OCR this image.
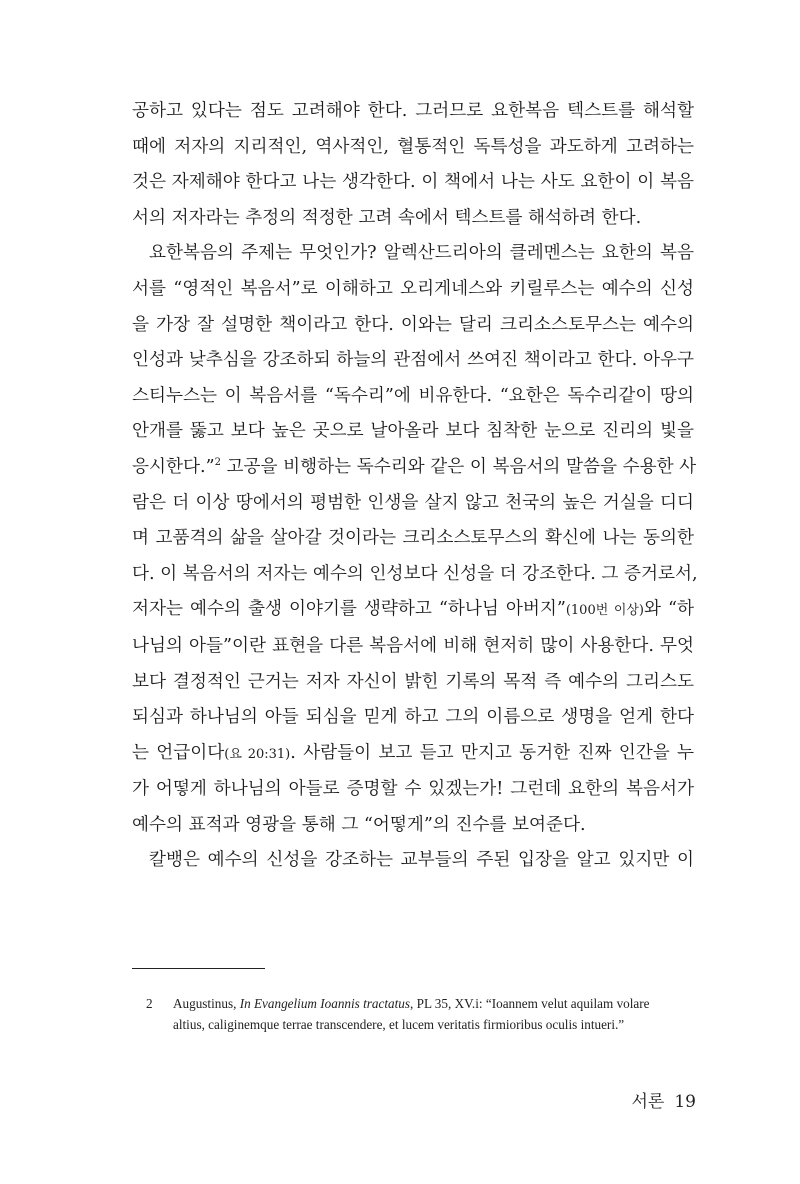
공하고 있다는 점도 고려해야 한다. 그러므로 요한복음 텍스트를 해석할
때에 저자의 지리적인, 역사적인, 혈통적인 독특성을 과도하게 고려하는
것은 자제해야 한다고 나는 생각한다. 이 책에서 나는 사도 요한이 이 복음
서의 저자라는 추정의 적정한 고려 속에서 텍스트를 해석하려 한다.
요한복음의 주제는 무엇인가? 알렉산드리아의 클레멘스는 요한의 복음
서를 “영적인 복음서”로 이해하고 오리게네스와 키릴루스는 예수의 신성
을 가장 잘 설명한 책이라고 한다. 이와는 달리 크리소스토무스는 예수의
인성과 낮추심을 강조하되 하늘의 관점에서 쓰여진 책이라고 한다. 아우구
스티누스는 이 복음서를 “독수리”에 비유한다. “요한은 독수리같이 땅의
안개를 뚫고 보다 높은 곳으로 날아올라 보다 침착한 눈으로 진리의 빛을
응시한다.”$^2$ 고공을 비행하는 독수리와 같은 이 복음서의 말씀을 수용한 사
람은 더 이상 땅에서의 평범한 인생을 살지 않고 천국의 높은 거실을 디디
며 고품격의 삶을 살아갈 것이라는 크리소스토무스의 확신에 나는 동의한
다. 이 복음서의 저자는 예수의 인성보다 신성을 더 강조한다. 그 증거로서,
저자는 예수의 출생 이야기를 생략하고 “하나님 아버지”(100번 이상)와 “하
나님의 아들”이란 표현을 다른 복음서에 비해 현저히 많이 사용한다. 무엇
보다 결정적인 근거는 저자 자신이 밝힌 기록의 목적 즉 예수의 그리스도
되심과 하나님의 아들 되심을 믿게 하고 그의 이름으로 생명을 얻게 한다
는 언급이다(요 20:31). 사람들이 보고 듣고 만지고 동거한 진짜 인간을 누
가 어떻게 하나님의 아들로 증명할 수 있겠는가! 그런데 요한의 복음서가
예수의 표적과 영광을 통해 그 “어떻게”의 진수를 보여준다.
칼뱅은 예수의 신성을 강조하는 교부들의 주된 입장을 알고 있지만 이
2 Augustinus, In Evangelium Ioannis tractatus, PL 35, XV.i: “Ioannem velut aquilam volare
altius, caliginemque terrae transcendere, et lucem veritatis firmioribus oculis intueri.”
서론 19
